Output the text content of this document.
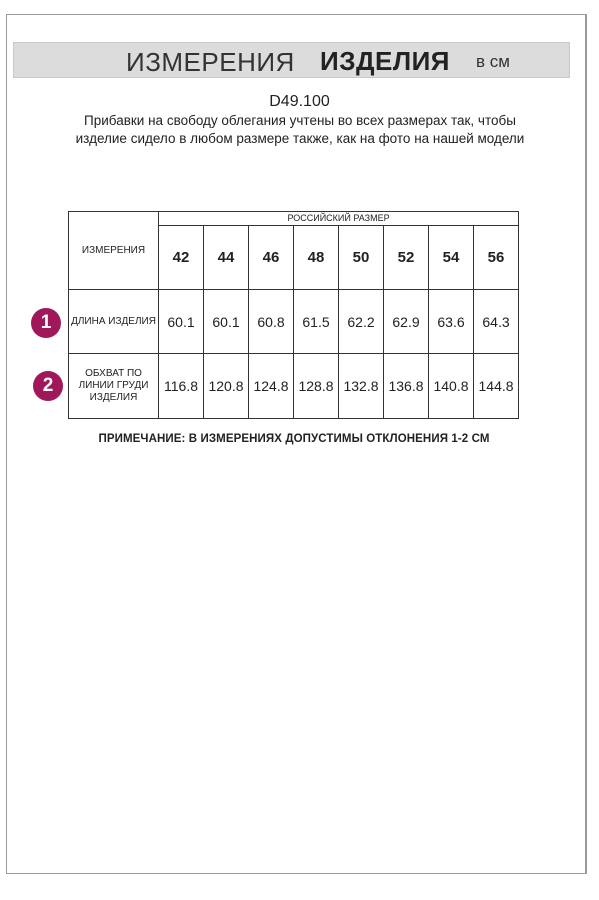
ИЗМЕРЕНИЯ ИЗДЕЛИЯ в см
D49.100
Прибавки на свободу облегания учтены во всех размерах так, чтобы изделие сидело в любом размере также, как на фото на нашей модели
ИЗМЕРЕНИЯ	РОССИЙСКИЙ РАЗМЕР							
	42	44	46	48	50	52	54	56
ДЛИНА ИЗДЕЛИЯ	60.1	60.1	60.8	61.5	62.2	62.9	63.6	64.3
ОБХВАТ ПО ЛИНИИ ГРУДИ ИЗДЕЛИЯ	116.8	120.8	124.8	128.8	132.8	136.8	140.8	144.8
1
2
ПРИМЕЧАНИЕ: В ИЗМЕРЕНИЯХ ДОПУСТИМЫ ОТКЛОНЕНИЯ 1-2 СМ
